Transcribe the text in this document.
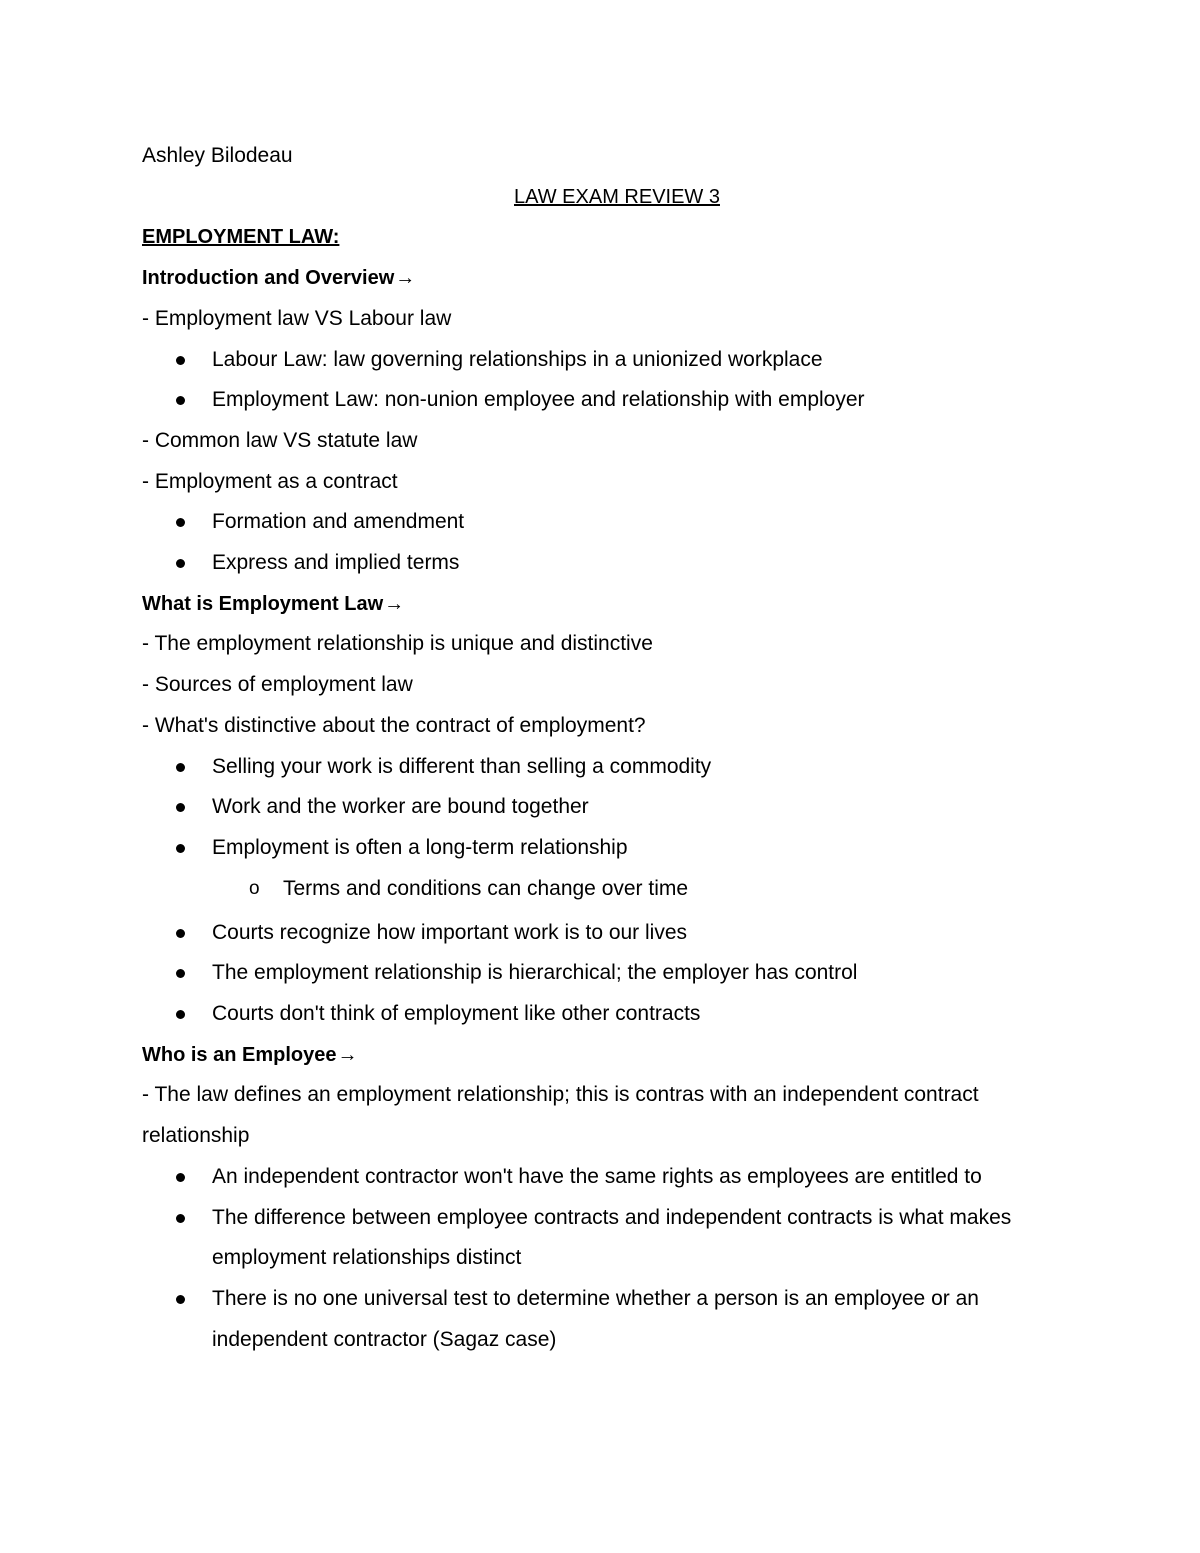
Ashley Bilodeau
LAW EXAM REVIEW 3
EMPLOYMENT LAW:
Introduction and Overview→
- Employment law VS Labour law
Labour Law: law governing relationships in a unionized workplace
Employment Law: non-union employee and relationship with employer
- Common law VS statute law
- Employment as a contract
Formation and amendment
Express and implied terms
What is Employment Law→
- The employment relationship is unique and distinctive
- Sources of employment law
- What's distinctive about the contract of employment?
Selling your work is different than selling a commodity
Work and the worker are bound together
Employment is often a long-term relationship
o Terms and conditions can change over time
Courts recognize how important work is to our lives
The employment relationship is hierarchical; the employer has control
Courts don't think of employment like other contracts
Who is an Employee→
- The law defines an employment relationship; this is contras with an independent contract relationship
An independent contractor won't have the same rights as employees are entitled to
The difference between employee contracts and independent contracts is what makes employment relationships distinct
There is no one universal test to determine whether a person is an employee or an independent contractor (Sagaz case)
